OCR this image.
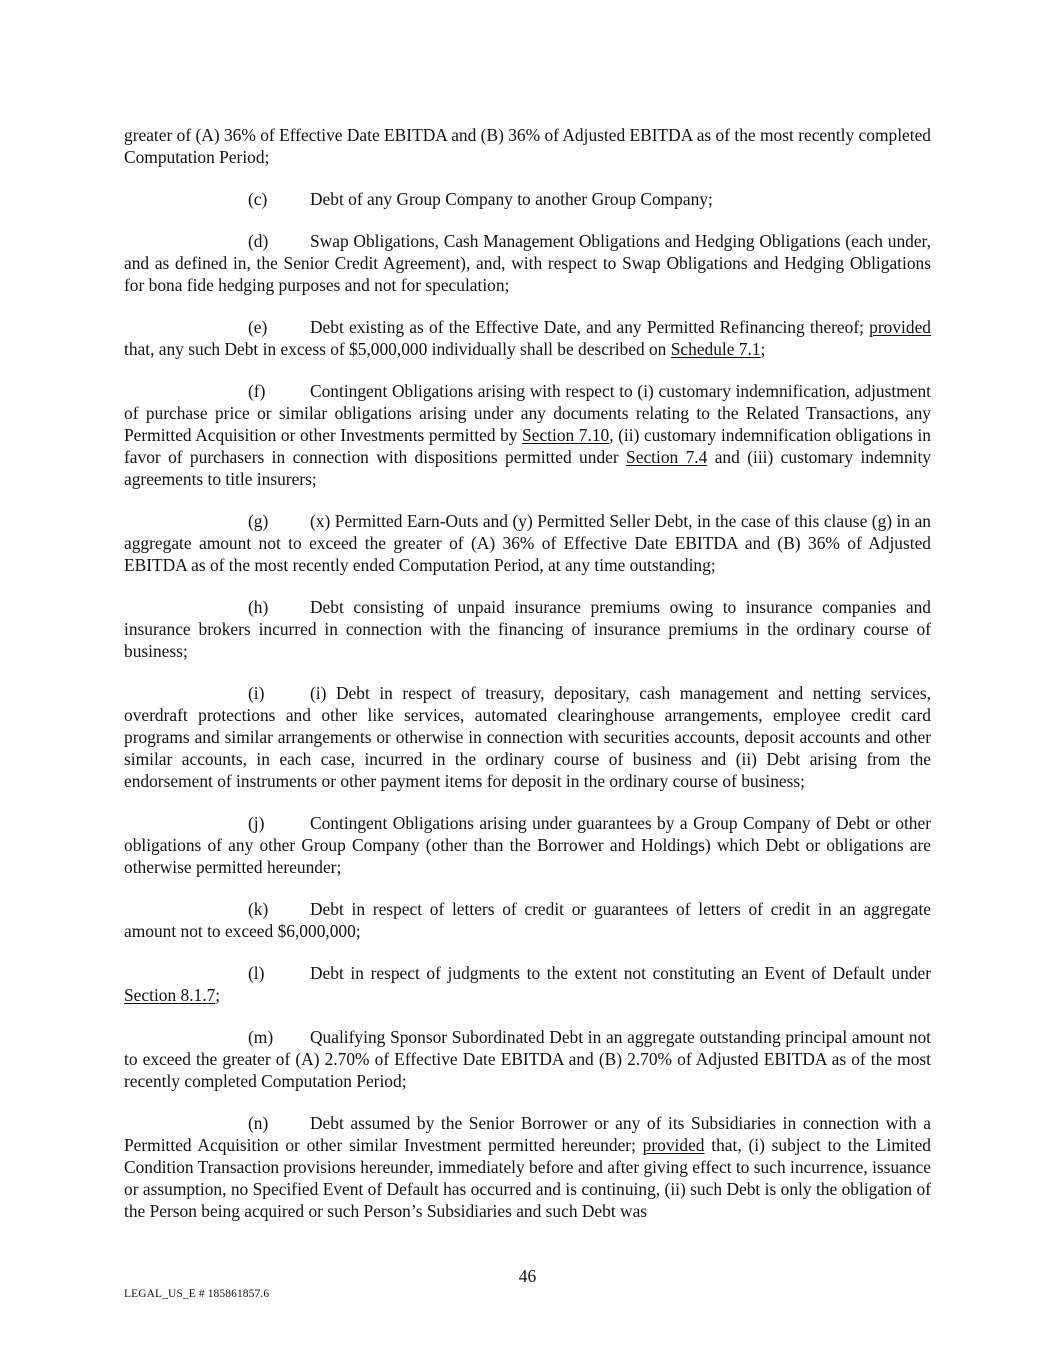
greater of (A) 36% of Effective Date EBITDA and (B) 36% of Adjusted EBITDA as of the most recently completed Computation Period;

(c) Debt of any Group Company to another Group Company;

(d) Swap Obligations, Cash Management Obligations and Hedging Obligations (each under, and as defined in, the Senior Credit Agreement), and, with respect to Swap Obligations and Hedging Obligations for bona fide hedging purposes and not for speculation;

(e) Debt existing as of the Effective Date, and any Permitted Refinancing thereof; provided that, any such Debt in excess of $5,000,000 individually shall be described on Schedule 7.1;

(f)	Contingent Obligations arising with respect to (i) customary indemnification, adjustment of purchase price or similar obligations arising under any documents relating to the Related Transactions, any Permitted Acquisition or other Investments permitted by Section 7.10, (ii) customary indemnification obligations in favor of purchasers in connection with dispositions permitted under Section 7.4 and (iii) customary indemnity agreements to title insurers;

(g) (x) Permitted Earn-Outs and (y) Permitted Seller Debt, in the case of this clause (g) in an aggregate amount not to exceed the greater of (A) 36% of Effective Date EBITDA and (B) 36% of Adjusted EBITDA as of the most recently ended Computation Period, at any time outstanding;

(h) Debt consisting of unpaid insurance premiums owing to insurance companies and insurance brokers incurred in connection with the financing of insurance premiums in the ordinary course of business;

(i)	(i) Debt in respect of treasury, depositary, cash management and netting services, overdraft protections and other like services, automated clearinghouse arrangements, employee credit card programs and similar arrangements or otherwise in connection with securities accounts, deposit accounts and other similar accounts, in each case, incurred in the ordinary course of business and (ii) Debt arising from the endorsement of instruments or other payment items for deposit in the ordinary course of business;

(j)	Contingent Obligations arising under guarantees by a Group Company of Debt or other obligations of any other Group Company (other than the Borrower and Holdings) which Debt or obligations are otherwise permitted hereunder;

(k) Debt in respect of letters of credit or guarantees of letters of credit in an aggregate amount not to exceed $6,000,000;

(l)	Debt in respect of judgments to the extent not constituting an Event of Default under Section 8.1.7;

(m) Qualifying Sponsor Subordinated Debt in an aggregate outstanding principal amount not to exceed the greater of (A) 2.70% of Effective Date EBITDA and (B) 2.70% of Adjusted EBITDA as of the most recently completed Computation Period;

(n) Debt assumed by the Senior Borrower or any of its Subsidiaries in connection with a Permitted Acquisition or other similar Investment permitted hereunder; provided that, (i) subject to the Limited Condition Transaction provisions hereunder, immediately before and after giving effect to such incurrence, issuance or assumption, no Specified Event of Default has occurred and is continuing, (ii) such Debt is only the obligation of the Person being acquired or such Person’s Subsidiaries and such Debt was

46
LEGAL_US_E # 185861857.6
